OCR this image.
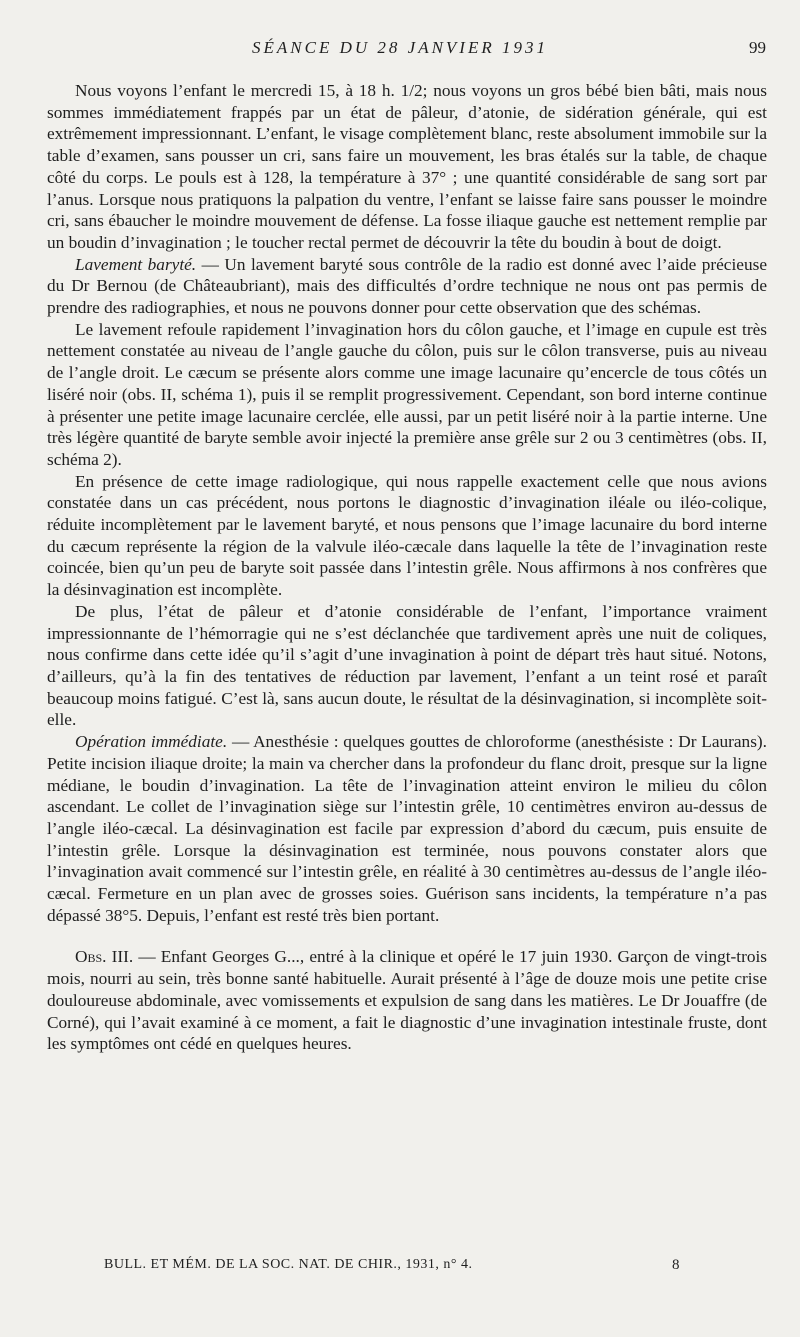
SÉANCE DU 28 JANVIER 1931	99

Nous voyons l’enfant le mercredi 15, à 18 h. 1/2; nous voyons un gros bébé bien bâti, mais nous sommes immédiatement frappés par un état de pâleur, d’atonie, de sidération générale, qui est extrêmement impressionnant. L’enfant, le visage complètement blanc, reste absolument immobile sur la table d’examen, sans pousser un cri, sans faire un mouvement, les bras étalés sur la table, de chaque côté du corps. Le pouls est à 128, la température à 37° ; une quantité considérable de sang sort par l’anus. Lorsque nous pratiquons la palpation du ventre, l’enfant se laisse faire sans pousser le moindre cri, sans ébaucher le moindre mouvement de défense. La fosse iliaque gauche est nettement remplie par un boudin d’invagination ; le toucher rectal permet de découvrir la tête du boudin à bout de doigt.

Lavement baryté. — Un lavement baryté sous contrôle de la radio est donné avec l’aide précieuse du Dr Bernou (de Châteaubriant), mais des difficultés d’ordre technique ne nous ont pas permis de prendre des radiographies, et nous ne pouvons donner pour cette observation que des schémas.

Le lavement refoule rapidement l’invagination hors du côlon gauche, et l’image en cupule est très nettement constatée au niveau de l’angle gauche du côlon, puis sur le côlon transverse, puis au niveau de l’angle droit. Le cæcum se présente alors comme une image lacunaire qu’encercle de tous côtés un liséré noir (obs. II, schéma 1), puis il se remplit progressivement. Cependant, son bord interne continue à présenter une petite image lacunaire cerclée, elle aussi, par un petit liséré noir à la partie interne. Une très légère quantité de baryte semble avoir injecté la première anse grêle sur 2 ou 3 centimètres (obs. II, schéma 2).

En présence de cette image radiologique, qui nous rappelle exactement celle que nous avions constatée dans un cas précédent, nous portons le diagnostic d’invagination iléale ou iléo-colique, réduite incomplètement par le lavement baryté, et nous pensons que l’image lacunaire du bord interne du cæcum représente la région de la valvule iléo-cæcale dans laquelle la tête de l’invagination reste coincée, bien qu’un peu de baryte soit passée dans l’intestin grêle. Nous affirmons à nos confrères que la désinvagination est incomplète.

De plus, l’état de pâleur et d’atonie considérable de l’enfant, l’importance vraiment impressionnante de l’hémorragie qui ne s’est déclanchée que tardivement après une nuit de coliques, nous confirme dans cette idée qu’il s’agit d’une invagination à point de départ très haut situé. Notons, d’ailleurs, qu’à la fin des tentatives de réduction par lavement, l’enfant a un teint rosé et paraît beaucoup moins fatigué. C’est là, sans aucun doute, le résultat de la désinvagination, si incomplète soit-elle.

Opération immédiate. — Anesthésie : quelques gouttes de chloroforme (anesthésiste : Dr Laurans). Petite incision iliaque droite; la main va chercher dans la profondeur du flanc droit, presque sur la ligne médiane, le boudin d’invagination. La tête de l’invagination atteint environ le milieu du côlon ascendant. Le collet de l’invagination siège sur l’intestin grêle, 10 centimètres environ au-dessus de l’angle iléo-cæcal. La désinvagination est facile par expression d’abord du cæcum, puis ensuite de l’intestin grêle. Lorsque la désinvagination est terminée, nous pouvons constater alors que l’invagination avait commencé sur l’intestin grêle, en réalité à 30 centimètres au-dessus de l’angle iléo-cæcal. Fermeture en un plan avec de grosses soies. Guérison sans incidents, la température n’a pas dépassé 38°5. Depuis, l’enfant est resté très bien portant.

Obs. III. — Enfant Georges G..., entré à la clinique et opéré le 17 juin 1930. Garçon de vingt-trois mois, nourri au sein, très bonne santé habituelle. Aurait présenté à l’âge de douze mois une petite crise douloureuse abdominale, avec vomissements et expulsion de sang dans les matières. Le Dr Jouaffre (de Corné), qui l’avait examiné à ce moment, a fait le diagnostic d’une invagination intestinale fruste, dont les symptômes ont cédé en quelques heures.

BULL. ET MÉM. DE LA SOC. NAT. DE CHIR., 1931, n° 4.	8
